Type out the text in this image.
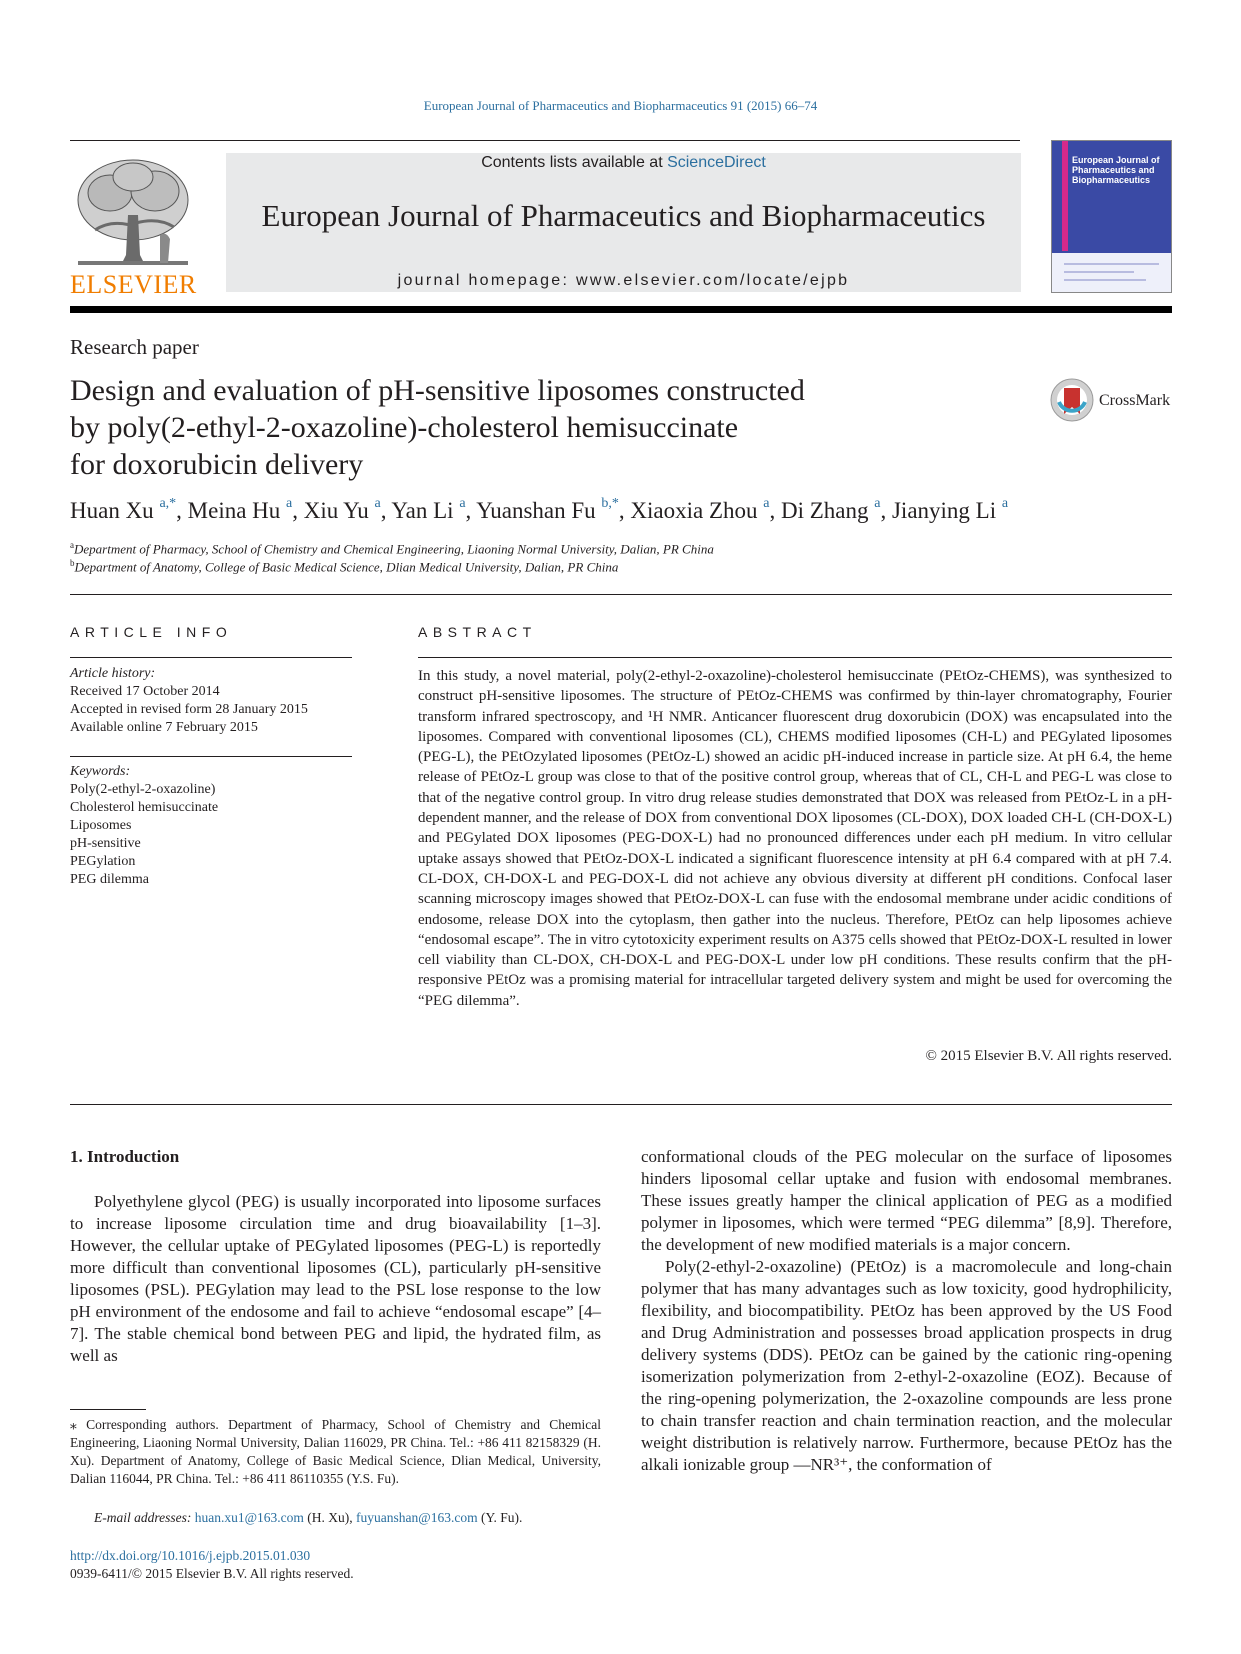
European Journal of Pharmaceutics and Biopharmaceutics 91 (2015) 66–74
ELSEVIER
Contents lists available at ScienceDirect
European Journal of Pharmaceutics and Biopharmaceutics
journal homepage: www.elsevier.com/locate/ejpb
European Journal of Pharmaceutics and Biopharmaceutics
Research paper
Design and evaluation of pH-sensitive liposomes constructed
by poly(2-ethyl-2-oxazoline)-cholesterol hemisuccinate
for doxorubicin delivery
CrossMark
Huan Xu $^{a,*}$, Meina Hu $^a$, Xiu Yu $^a$, Yan Li $^a$, Yuanshan Fu $^{b,*}$, Xiaoxia Zhou $^a$, Di Zhang $^a$, Jianying Li $^a$
$^a$Department of Pharmacy, School of Chemistry and Chemical Engineering, Liaoning Normal University, Dalian, PR China
$^b$Department of Anatomy, College of Basic Medical Science, Dlian Medical University, Dalian, PR China
ARTICLE INFO	ABSTRACT
Article history:
Received 17 October 2014
Accepted in revised form 28 January 2015
Available online 7 February 2015
Keywords:
Poly(2-ethyl-2-oxazoline)
Cholesterol hemisuccinate
Liposomes
pH-sensitive
PEGylation
PEG dilemma
In this study, a novel material, poly(2-ethyl-2-oxazoline)-cholesterol hemisuccinate (PEtOz-CHEMS), was synthesized to construct pH-sensitive liposomes. The structure of PEtOz-CHEMS was confirmed by thin-layer chromatography, Fourier transform infrared spectroscopy, and ¹H NMR. Anticancer fluorescent drug doxorubicin (DOX) was encapsulated into the liposomes. Compared with conventional liposomes (CL), CHEMS modified liposomes (CH-L) and PEGylated liposomes (PEG-L), the PEtOzylated liposomes (PEtOz-L) showed an acidic pH-induced increase in particle size. At pH 6.4, the heme release of PEtOz-L group was close to that of the positive control group, whereas that of CL, CH-L and PEG-L was close to that of the negative control group. In vitro drug release studies demonstrated that DOX was released from PEtOz-L in a pH-dependent manner, and the release of DOX from conventional DOX liposomes (CL-DOX), DOX loaded CH-L (CH-DOX-L) and PEGylated DOX liposomes (PEG-DOX-L) had no pronounced differences under each pH medium. In vitro cellular uptake assays showed that PEtOz-DOX-L indicated a significant fluorescence intensity at pH 6.4 compared with at pH 7.4. CL-DOX, CH-DOX-L and PEG-DOX-L did not achieve any obvious diversity at different pH conditions. Confocal laser scanning microscopy images showed that PEtOz-DOX-L can fuse with the endosomal membrane under acidic conditions of endosome, release DOX into the cytoplasm, then gather into the nucleus. Therefore, PEtOz can help liposomes achieve “endosomal escape”. The in vitro cytotoxicity experiment results on A375 cells showed that PEtOz-DOX-L resulted in lower cell viability than CL-DOX, CH-DOX-L and PEG-DOX-L under low pH conditions. These results confirm that the pH-responsive PEtOz was a promising material for intracellular targeted delivery system and might be used for overcoming the “PEG dilemma”.
© 2015 Elsevier B.V. All rights reserved.
1. Introduction

Polyethylene glycol (PEG) is usually incorporated into liposome surfaces to increase liposome circulation time and drug bioavailability [1–3]. However, the cellular uptake of PEGylated liposomes (PEG-L) is reportedly more difficult than conventional liposomes (CL), particularly pH-sensitive liposomes (PSL). PEGylation may lead to the PSL lose response to the low pH environment of the endosome and fail to achieve “endosomal escape” [4–7]. The stable chemical bond between PEG and lipid, the hydrated film, as well as

conformational clouds of the PEG molecular on the surface of liposomes hinders liposomal cellar uptake and fusion with endosomal membranes. These issues greatly hamper the clinical application of PEG as a modified polymer in liposomes, which were termed “PEG dilemma” [8,9]. Therefore, the development of new modified materials is a major concern.

Poly(2-ethyl-2-oxazoline) (PEtOz) is a macromolecule and long-chain polymer that has many advantages such as low toxicity, good hydrophilicity, flexibility, and biocompatibility. PEtOz has been approved by the US Food and Drug Administration and possesses broad application prospects in drug delivery systems (DDS). PEtOz can be gained by the cationic ring-opening isomerization polymerization from 2-ethyl-2-oxazoline (EOZ). Because of the ring-opening polymerization, the 2-oxazoline compounds are less prone to chain transfer reaction and chain termination reaction, and the molecular weight distribution is relatively narrow. Furthermore, because PEtOz has the alkali ionizable group —NR³⁺, the conformation of

⁎ Corresponding authors. Department of Pharmacy, School of Chemistry and Chemical Engineering, Liaoning Normal University, Dalian 116029, PR China. Tel.: +86 411 82158329 (H. Xu). Department of Anatomy, College of Basic Medical Science, Dlian Medical, University, Dalian 116044, PR China. Tel.: +86 411 86110355 (Y.S. Fu).
E-mail addresses: huan.xu1@163.com (H. Xu), fuyuanshan@163.com (Y. Fu).
http://dx.doi.org/10.1016/j.ejpb.2015.01.030
0939-6411/© 2015 Elsevier B.V. All rights reserved.
